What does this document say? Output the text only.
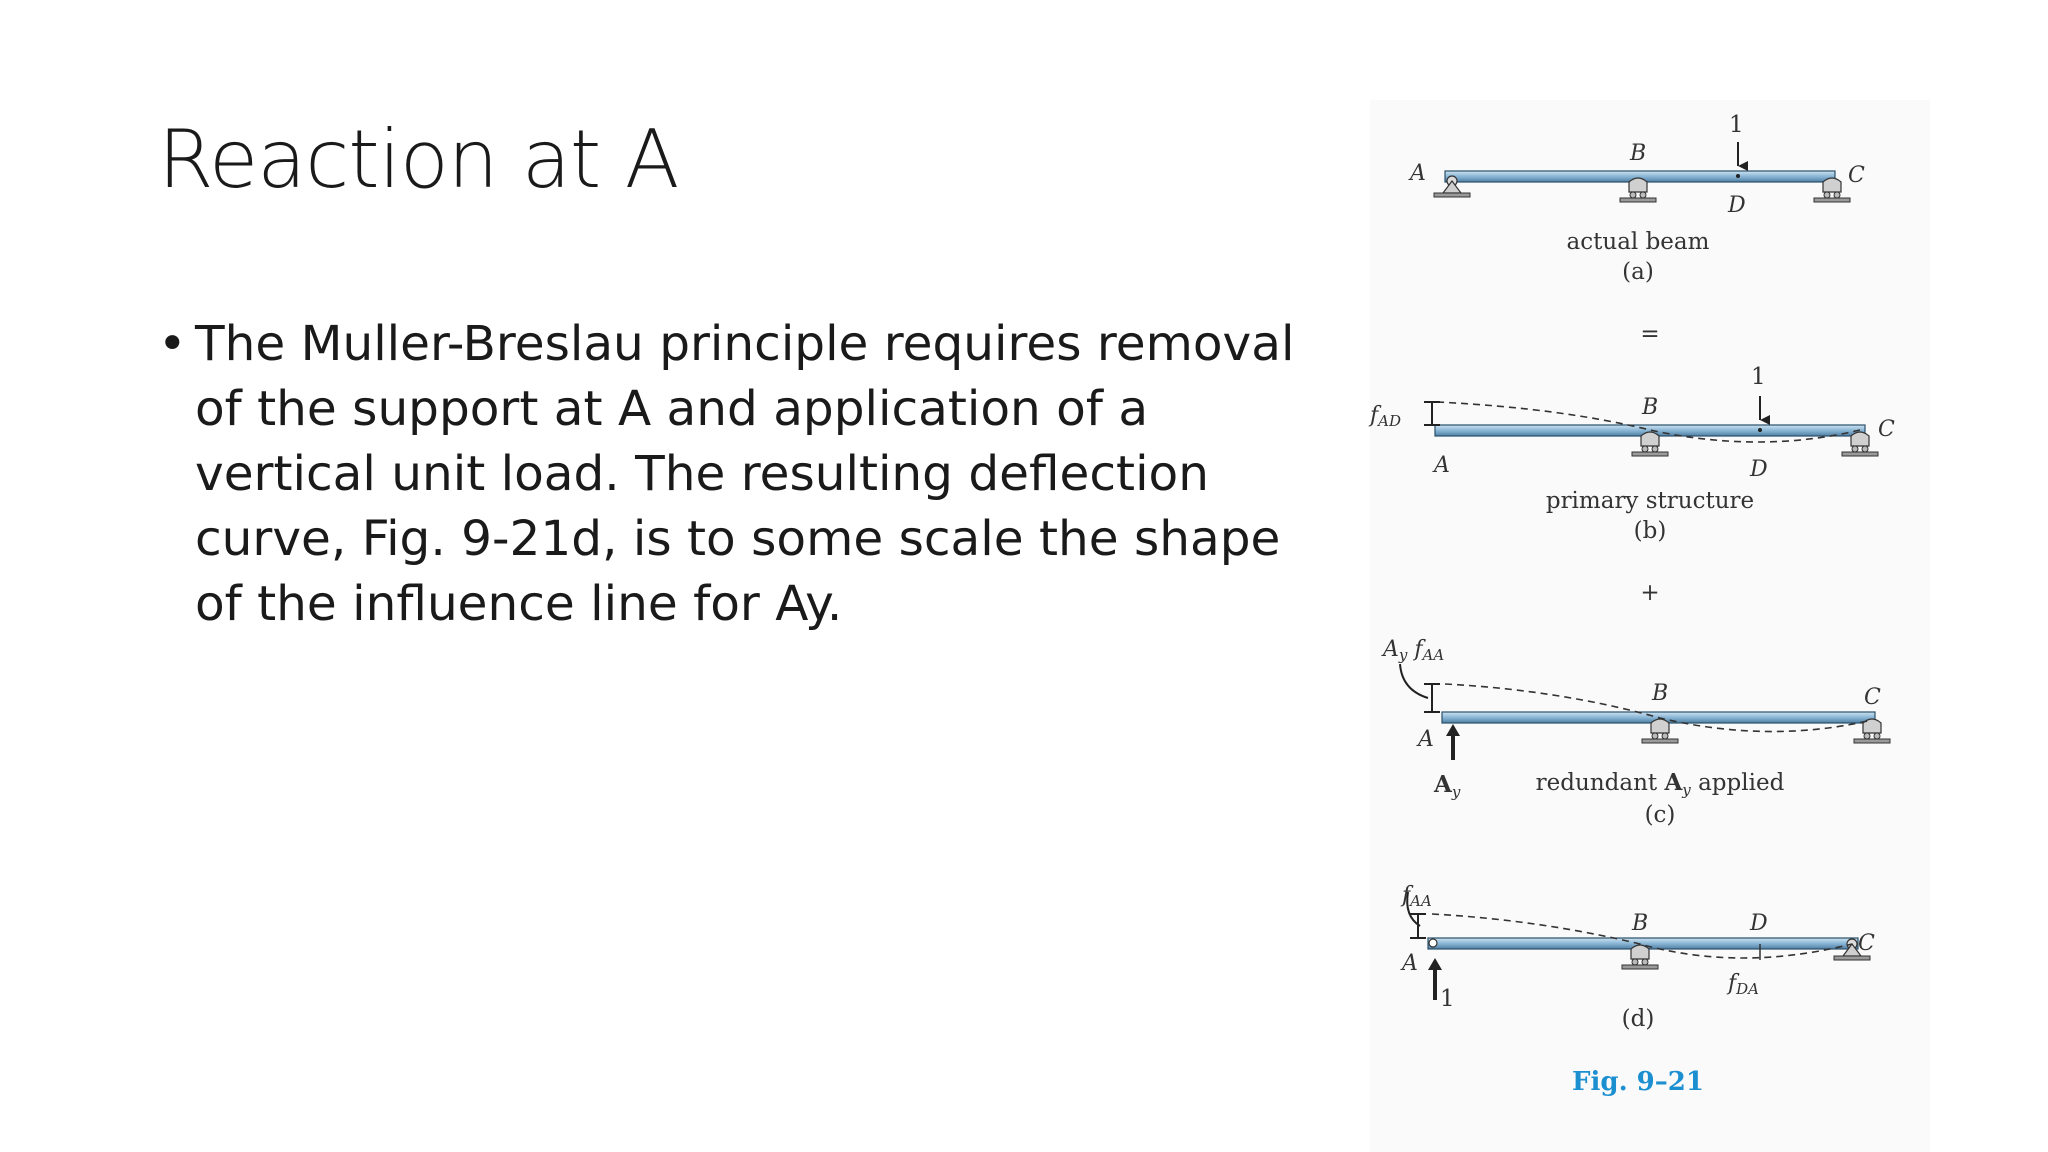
Reaction at A
• The Muller-Breslau principle requires removal of the support at A and application of a vertical unit load. The resulting deflection curve, Fig. 9-21d, is to some scale the shape of the influence line for Ay.
A
B
C
D
1
actual beam
(a)
=
fAD
A
B
C
D
1
primary structure
(b)
+
Ay fAA
A
B	C
$A_y$	redundant $A_y$ applied
(c)
fAA
A
B
C
D
fDA
1
(d)
Fig. 9–21
